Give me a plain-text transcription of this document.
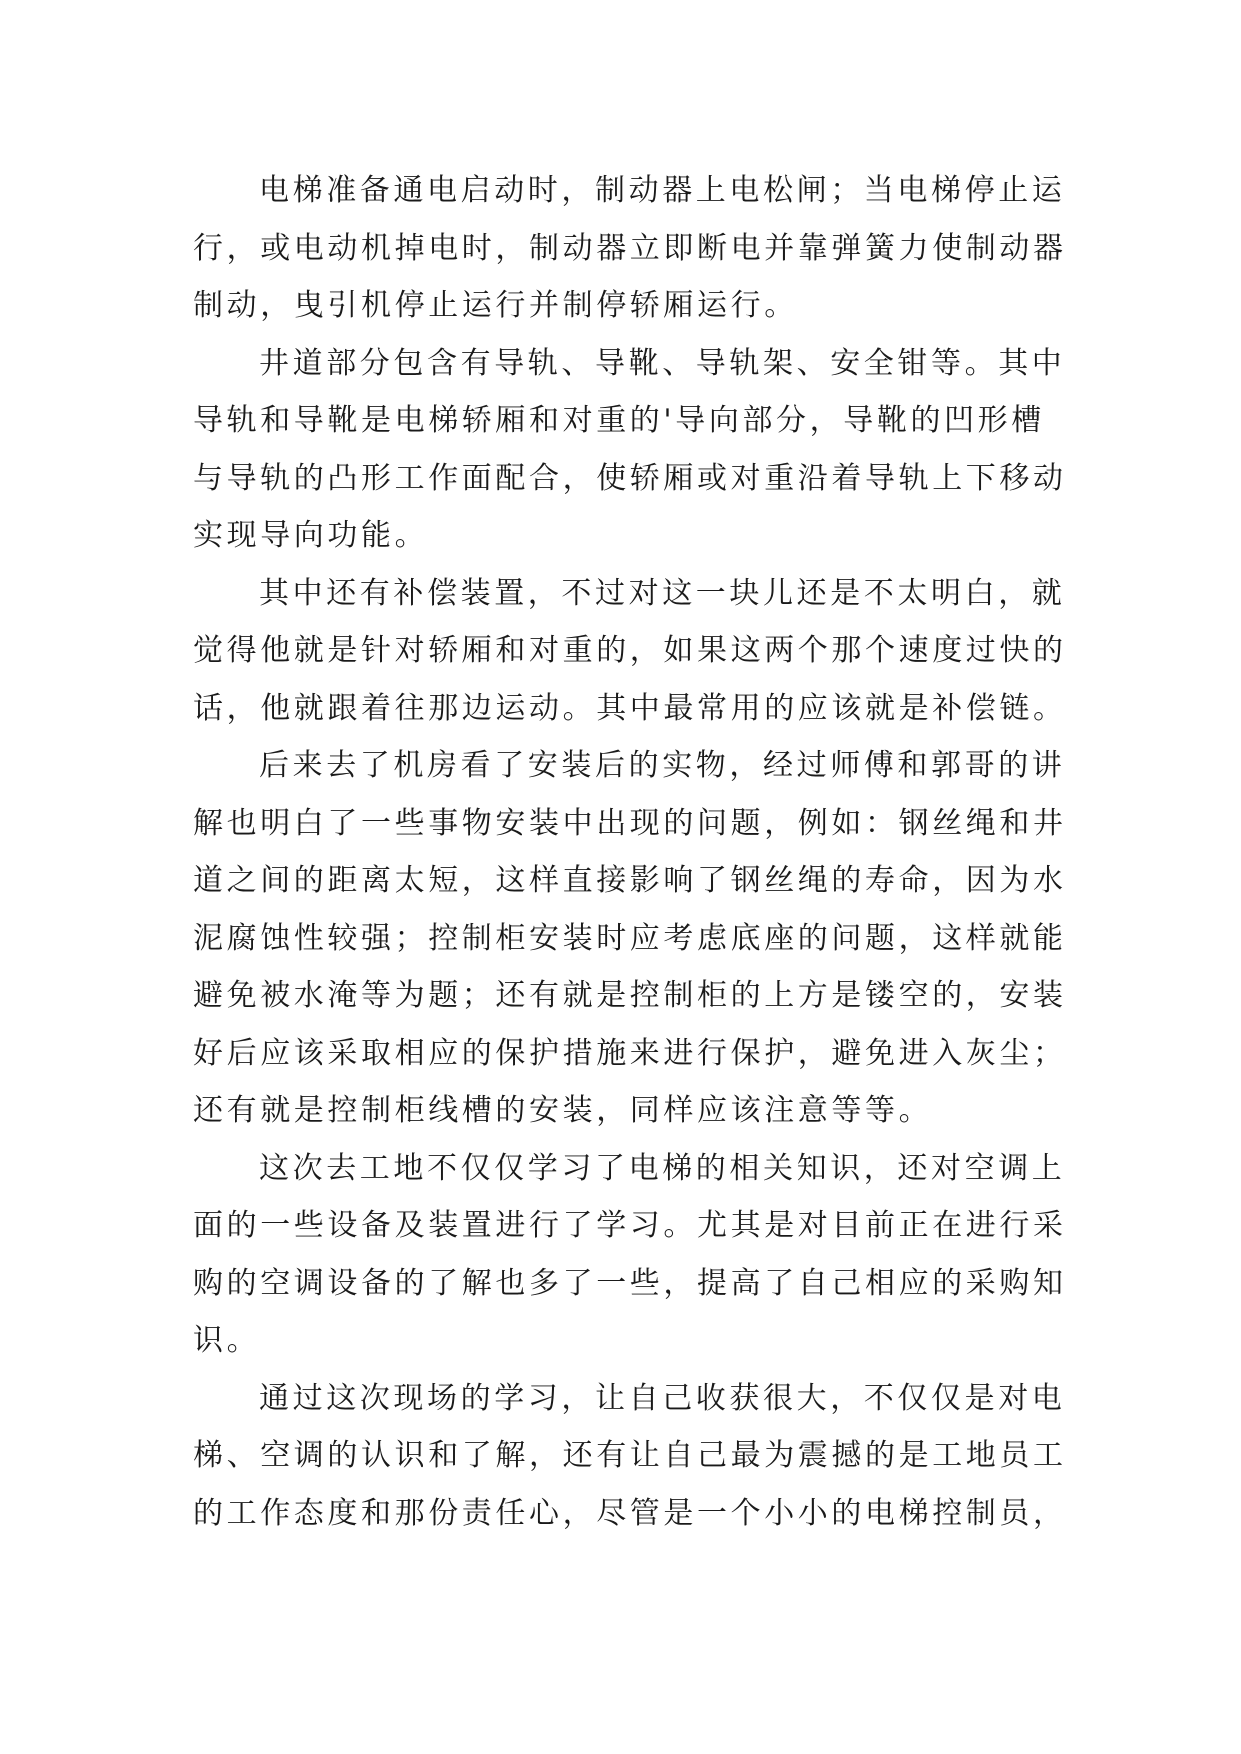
电梯准备通电启动时，制动器上电松闸；当电梯停止运
行，或电动机掉电时，制动器立即断电并靠弹簧力使制动器
制动，曳引机停止运行并制停轿厢运行。
井道部分包含有导轨、导靴、导轨架、安全钳等。其中
导轨和导靴是电梯轿厢和对重的'导向部分，导靴的凹形槽
与导轨的凸形工作面配合，使轿厢或对重沿着导轨上下移动
实现导向功能。
其中还有补偿装置，不过对这一块儿还是不太明白，就
觉得他就是针对轿厢和对重的，如果这两个那个速度过快的
话，他就跟着往那边运动。其中最常用的应该就是补偿链。
后来去了机房看了安装后的实物，经过师傅和郭哥的讲
解也明白了一些事物安装中出现的问题，例如：钢丝绳和井
道之间的距离太短，这样直接影响了钢丝绳的寿命，因为水
泥腐蚀性较强；控制柜安装时应考虑底座的问题，这样就能
避免被水淹等为题；还有就是控制柜的上方是镂空的，安装
好后应该采取相应的保护措施来进行保护，避免进入灰尘；
还有就是控制柜线槽的安装，同样应该注意等等。
这次去工地不仅仅学习了电梯的相关知识，还对空调上
面的一些设备及装置进行了学习。尤其是对目前正在进行采
购的空调设备的了解也多了一些，提高了自己相应的采购知
识。
通过这次现场的学习，让自己收获很大，不仅仅是对电
梯、空调的认识和了解，还有让自己最为震撼的是工地员工
的工作态度和那份责任心，尽管是一个小小的电梯控制员，
